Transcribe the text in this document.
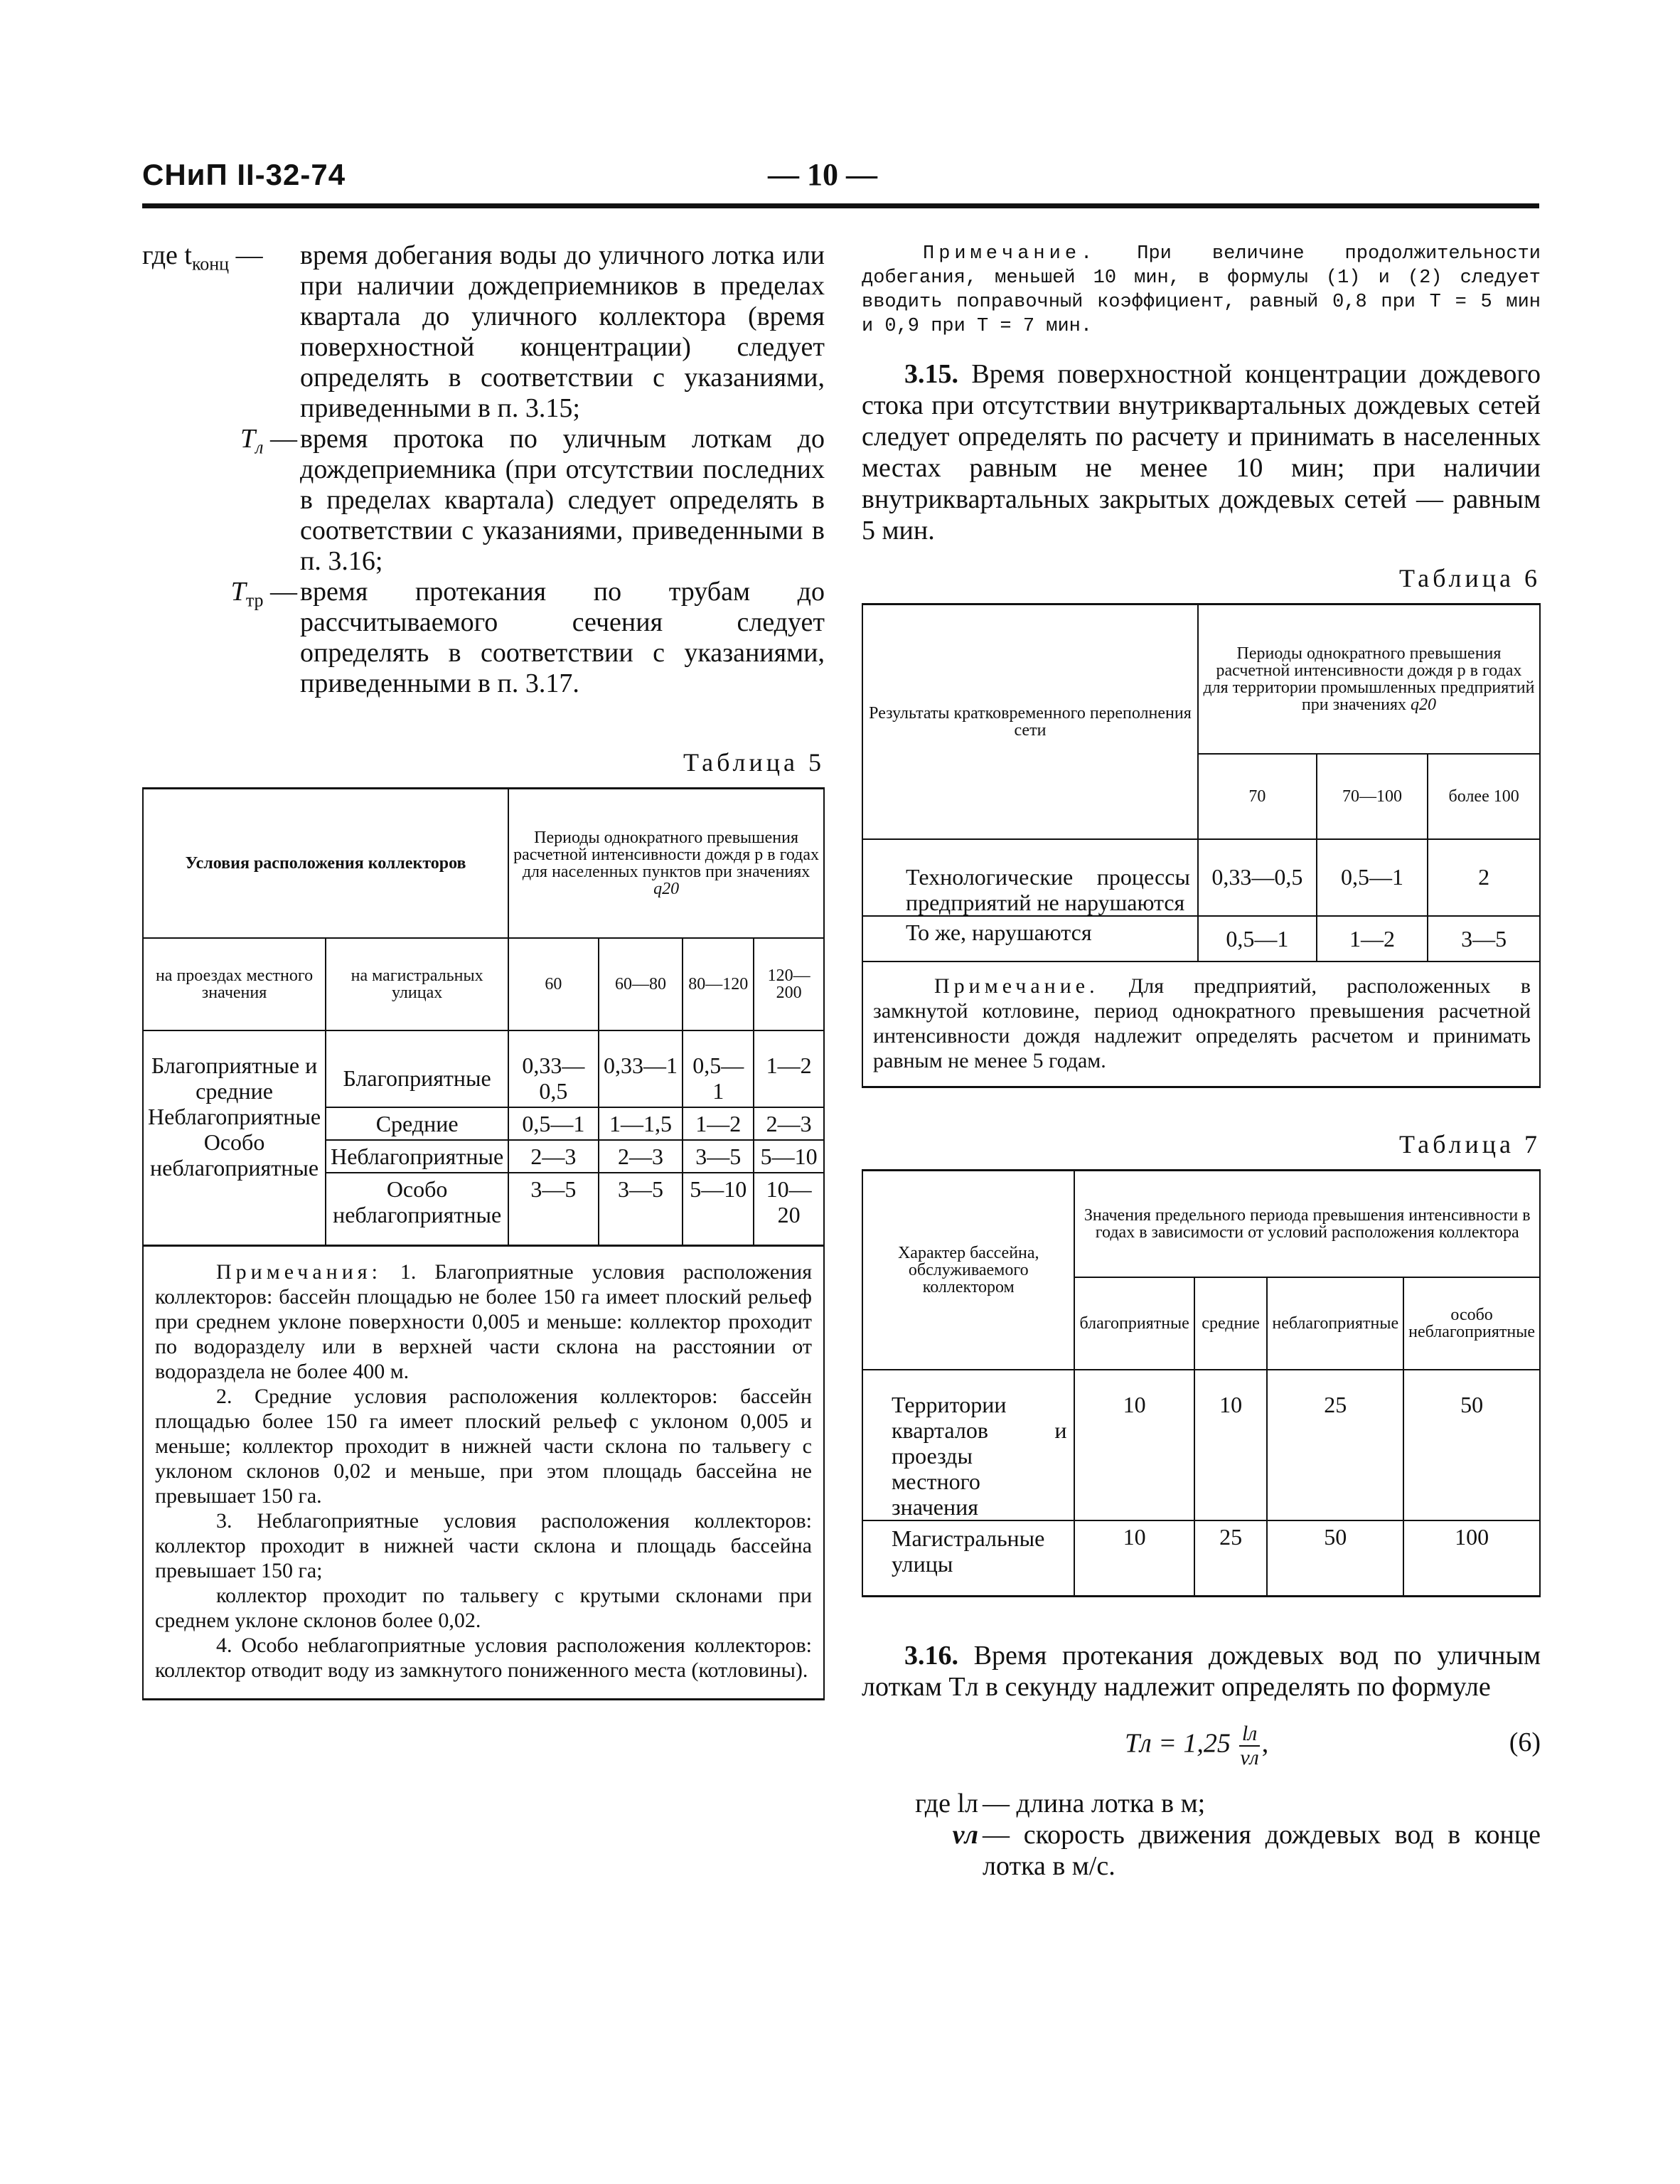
СНиП II-32-74	— 10 —
где $t_{конц}$ —	время добегания воды до уличного лотка или при наличии дождеприемников в пределах квартала до уличного коллектора (время поверхностной концентрации) следует определять в соответствии с указаниями, приведенными в п. 3.15;
$T_л$ — время протока по уличным лоткам до дождеприемника (при отсутствии последних в пределах квартала) следует определять в соответствии с указаниями, приведенными в п. 3.16;
$T_{тр}$ — время протекания по трубам до рассчитываемого сечения следует определять в соответствии с указаниями, приведенными в п. 3.17.
Таблица 5
Условия расположения коллекторов		Периоды однократного превышения расчетной интенсивности дождя p в годах для населенных пунктов при значениях
q20			
на проездах местного значения	на магистральных улицах	60	60—80	80—120	120—200
Благоприятные и средние Неблагоприятные Особо неблагоприятные	Благоприятные	0,33—0,5	0,33—1	0,5—1	1—2
	Средние	0,5—1	1—1,5	1—2	2—3
	Неблагоприятные	2—3	2—3	3—5	5—10
	Особо неблагоприятные	3—5	3—5	5—10	10—20

Примечания: 1. Благоприятные условия расположения коллекторов: бассейн площадью не более 150 га имеет плоский рельеф при среднем уклоне поверхности 0,005 и меньше: коллектор проходит по водоразделу или в верхней части склона на расстоянии от водораздела не более 400 м.

2. Средние условия расположения коллекторов: бассейн площадью более 150 га имеет плоский рельеф с уклоном 0,005 и меньше; коллектор проходит в нижней части склона по тальвегу с уклоном склонов 0,02 и меньше, при этом площадь бассейна не превышает 150 га.

3. Неблагоприятные условия расположения коллекторов: коллектор проходит в нижней части склона и площадь бассейна превышает 150 га;

коллектор проходит по тальвегу с крутыми склонами при среднем уклоне склонов более 0,02.

4. Особо неблагоприятные условия расположения коллекторов: коллектор отводит воду из замкнутого пониженного места (котловины).

Примечание. При величине продолжительности добегания, меньшей 10 мин, в формулы (1) и (2) следует вводить поправочный коэффициент, равный 0,8 при T = 5 мин и 0,9 при T = 7 мин.

3.15. Время поверхностной концентрации дождевого стока при отсутствии внутриквартальных дождевых сетей следует определять по расчету и принимать в населенных местах равным не менее 10 мин; при наличии внутриквартальных закрытых дождевых сетей — равным 5 мин.

Таблица 6
Результаты кратковременного переполнения сети	Периоды однократного превышения расчетной интенсивности дождя p в годах для территории промышленных предприятий при значениях q20		
	70	70—100	более 100
Технологические процессы предприятий не нарушаются	0,33—0,5	0,5—1	2
То же, нарушаются	0,5—1	1—2	3—5

Примечание. Для предприятий, расположенных в замкнутой котловине, период однократного превышения расчетной интенсивности дождя надлежит определять расчетом и принимать равным не менее 5 годам.

Таблица 7
Характер бассейна, обслуживаемого коллектором	Значения предельного периода превышения интенсивности в годах в зависимости от условий расположения коллектора			
	благоприятные	средние	неблагоприятные	особо неблагоприятные
Территории кварталов и проезды местного значения	10	10	25	50
Магистральные улицы	10	25	50	100

3.16. Время протекания дождевых вод по уличным лоткам Tл в секунду надлежит определять по формуле

Tл = $1,25 \frac{lл}{vл}$ ,	(6)
где lл — длина лотка в м;
vл — скорость движения дождевых вод в конце лотка в м/с.
